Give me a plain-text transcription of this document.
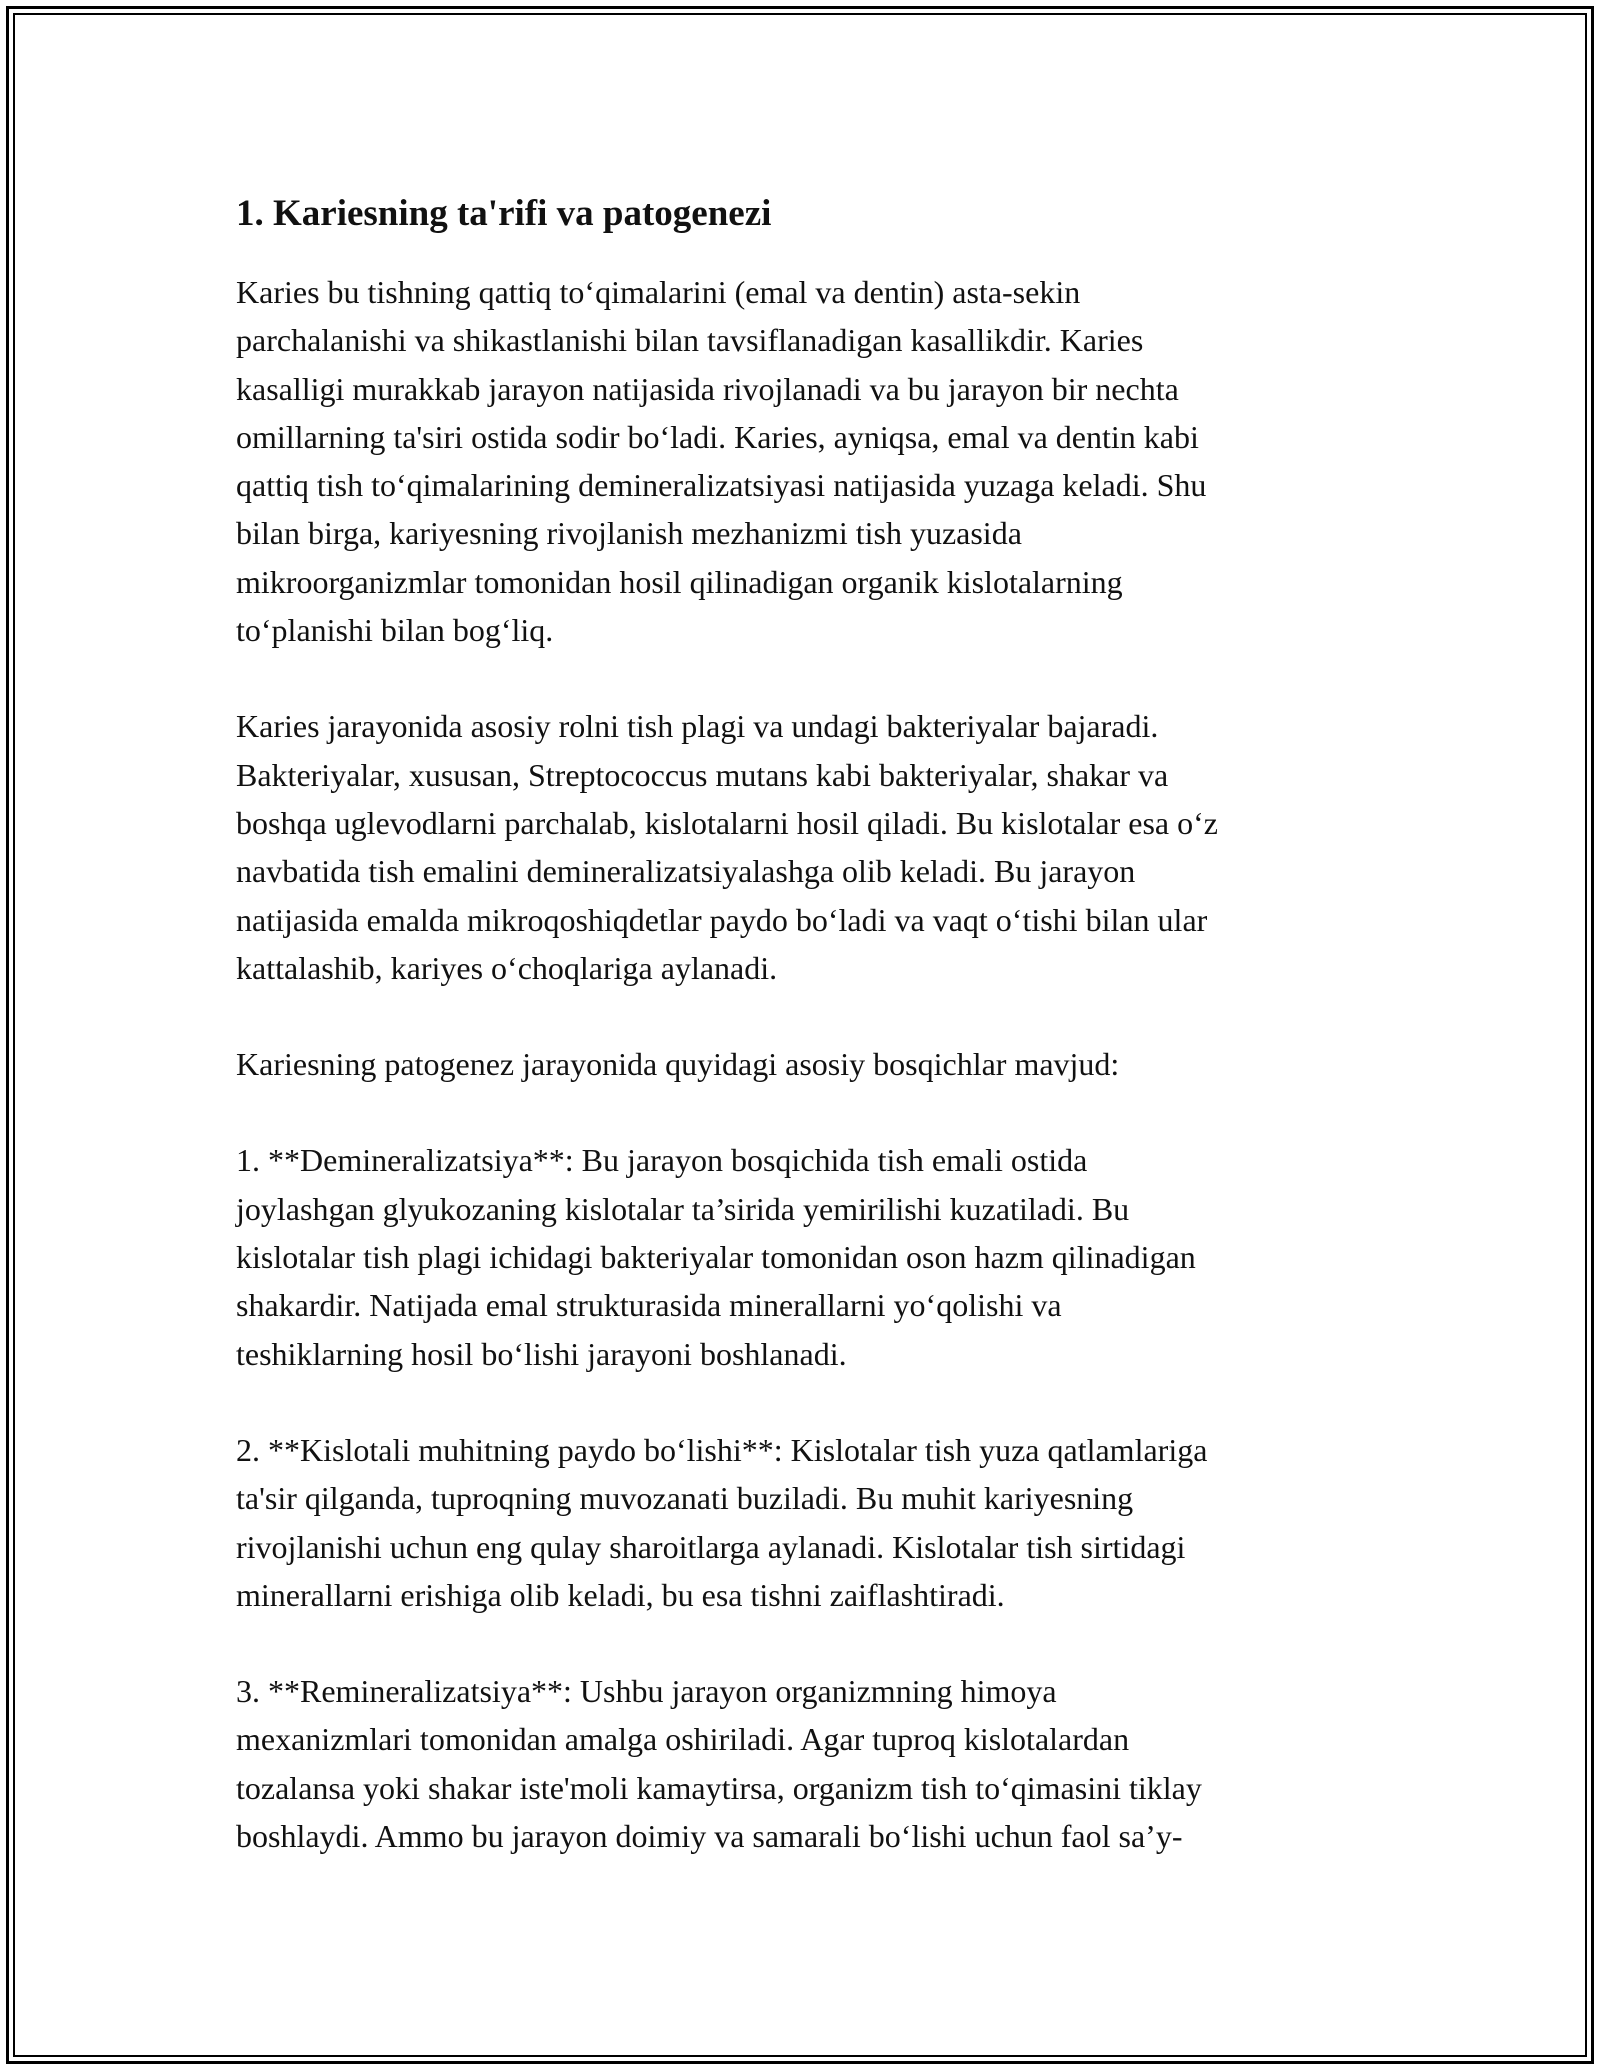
1. Kariesning ta'rifi va patogenezi

Karies bu tishning qattiq to‘qimalarini (emal va dentin) asta-sekin
parchalanishi va shikastlanishi bilan tavsiflanadigan kasallikdir. Karies
kasalligi murakkab jarayon natijasida rivojlanadi va bu jarayon bir nechta
omillarning ta'siri ostida sodir bo‘ladi. Karies, ayniqsa, emal va dentin kabi
qattiq tish to‘qimalarining demineralizatsiyasi natijasida yuzaga keladi. Shu
bilan birga, kariyesning rivojlanish mezhanizmi tish yuzasida
mikroorganizmlar tomonidan hosil qilinadigan organik kislotalarning
to‘planishi bilan bog‘liq.

Karies jarayonida asosiy rolni tish plagi va undagi bakteriyalar bajaradi.
Bakteriyalar, xususan, Streptococcus mutans kabi bakteriyalar, shakar va
boshqa uglevodlarni parchalab, kislotalarni hosil qiladi. Bu kislotalar esa o‘z
navbatida tish emalini demineralizatsiyalashga olib keladi. Bu jarayon
natijasida emalda mikroqoshiqdetlar paydo bo‘ladi va vaqt o‘tishi bilan ular
kattalashib, kariyes o‘choqlariga aylanadi.

Kariesning patogenez jarayonida quyidagi asosiy bosqichlar mavjud:

1. **Demineralizatsiya**: Bu jarayon bosqichida tish emali ostida
joylashgan glyukozaning kislotalar ta’sirida yemirilishi kuzatiladi. Bu
kislotalar tish plagi ichidagi bakteriyalar tomonidan oson hazm qilinadigan
shakardir. Natijada emal strukturasida minerallarni yo‘qolishi va
teshiklarning hosil bo‘lishi jarayoni boshlanadi.

2. **Kislotali muhitning paydo bo‘lishi**: Kislotalar tish yuza qatlamlariga
ta'sir qilganda, tuproqning muvozanati buziladi. Bu muhit kariyesning
rivojlanishi uchun eng qulay sharoitlarga aylanadi. Kislotalar tish sirtidagi
minerallarni erishiga olib keladi, bu esa tishni zaiflashtiradi.

3. **Remineralizatsiya**: Ushbu jarayon organizmning himoya
mexanizmlari tomonidan amalga oshiriladi. Agar tuproq kislotalardan
tozalansa yoki shakar iste'moli kamaytirsa, organizm tish to‘qimasini tiklay
boshlaydi. Ammo bu jarayon doimiy va samarali bo‘lishi uchun faol sa’y-
